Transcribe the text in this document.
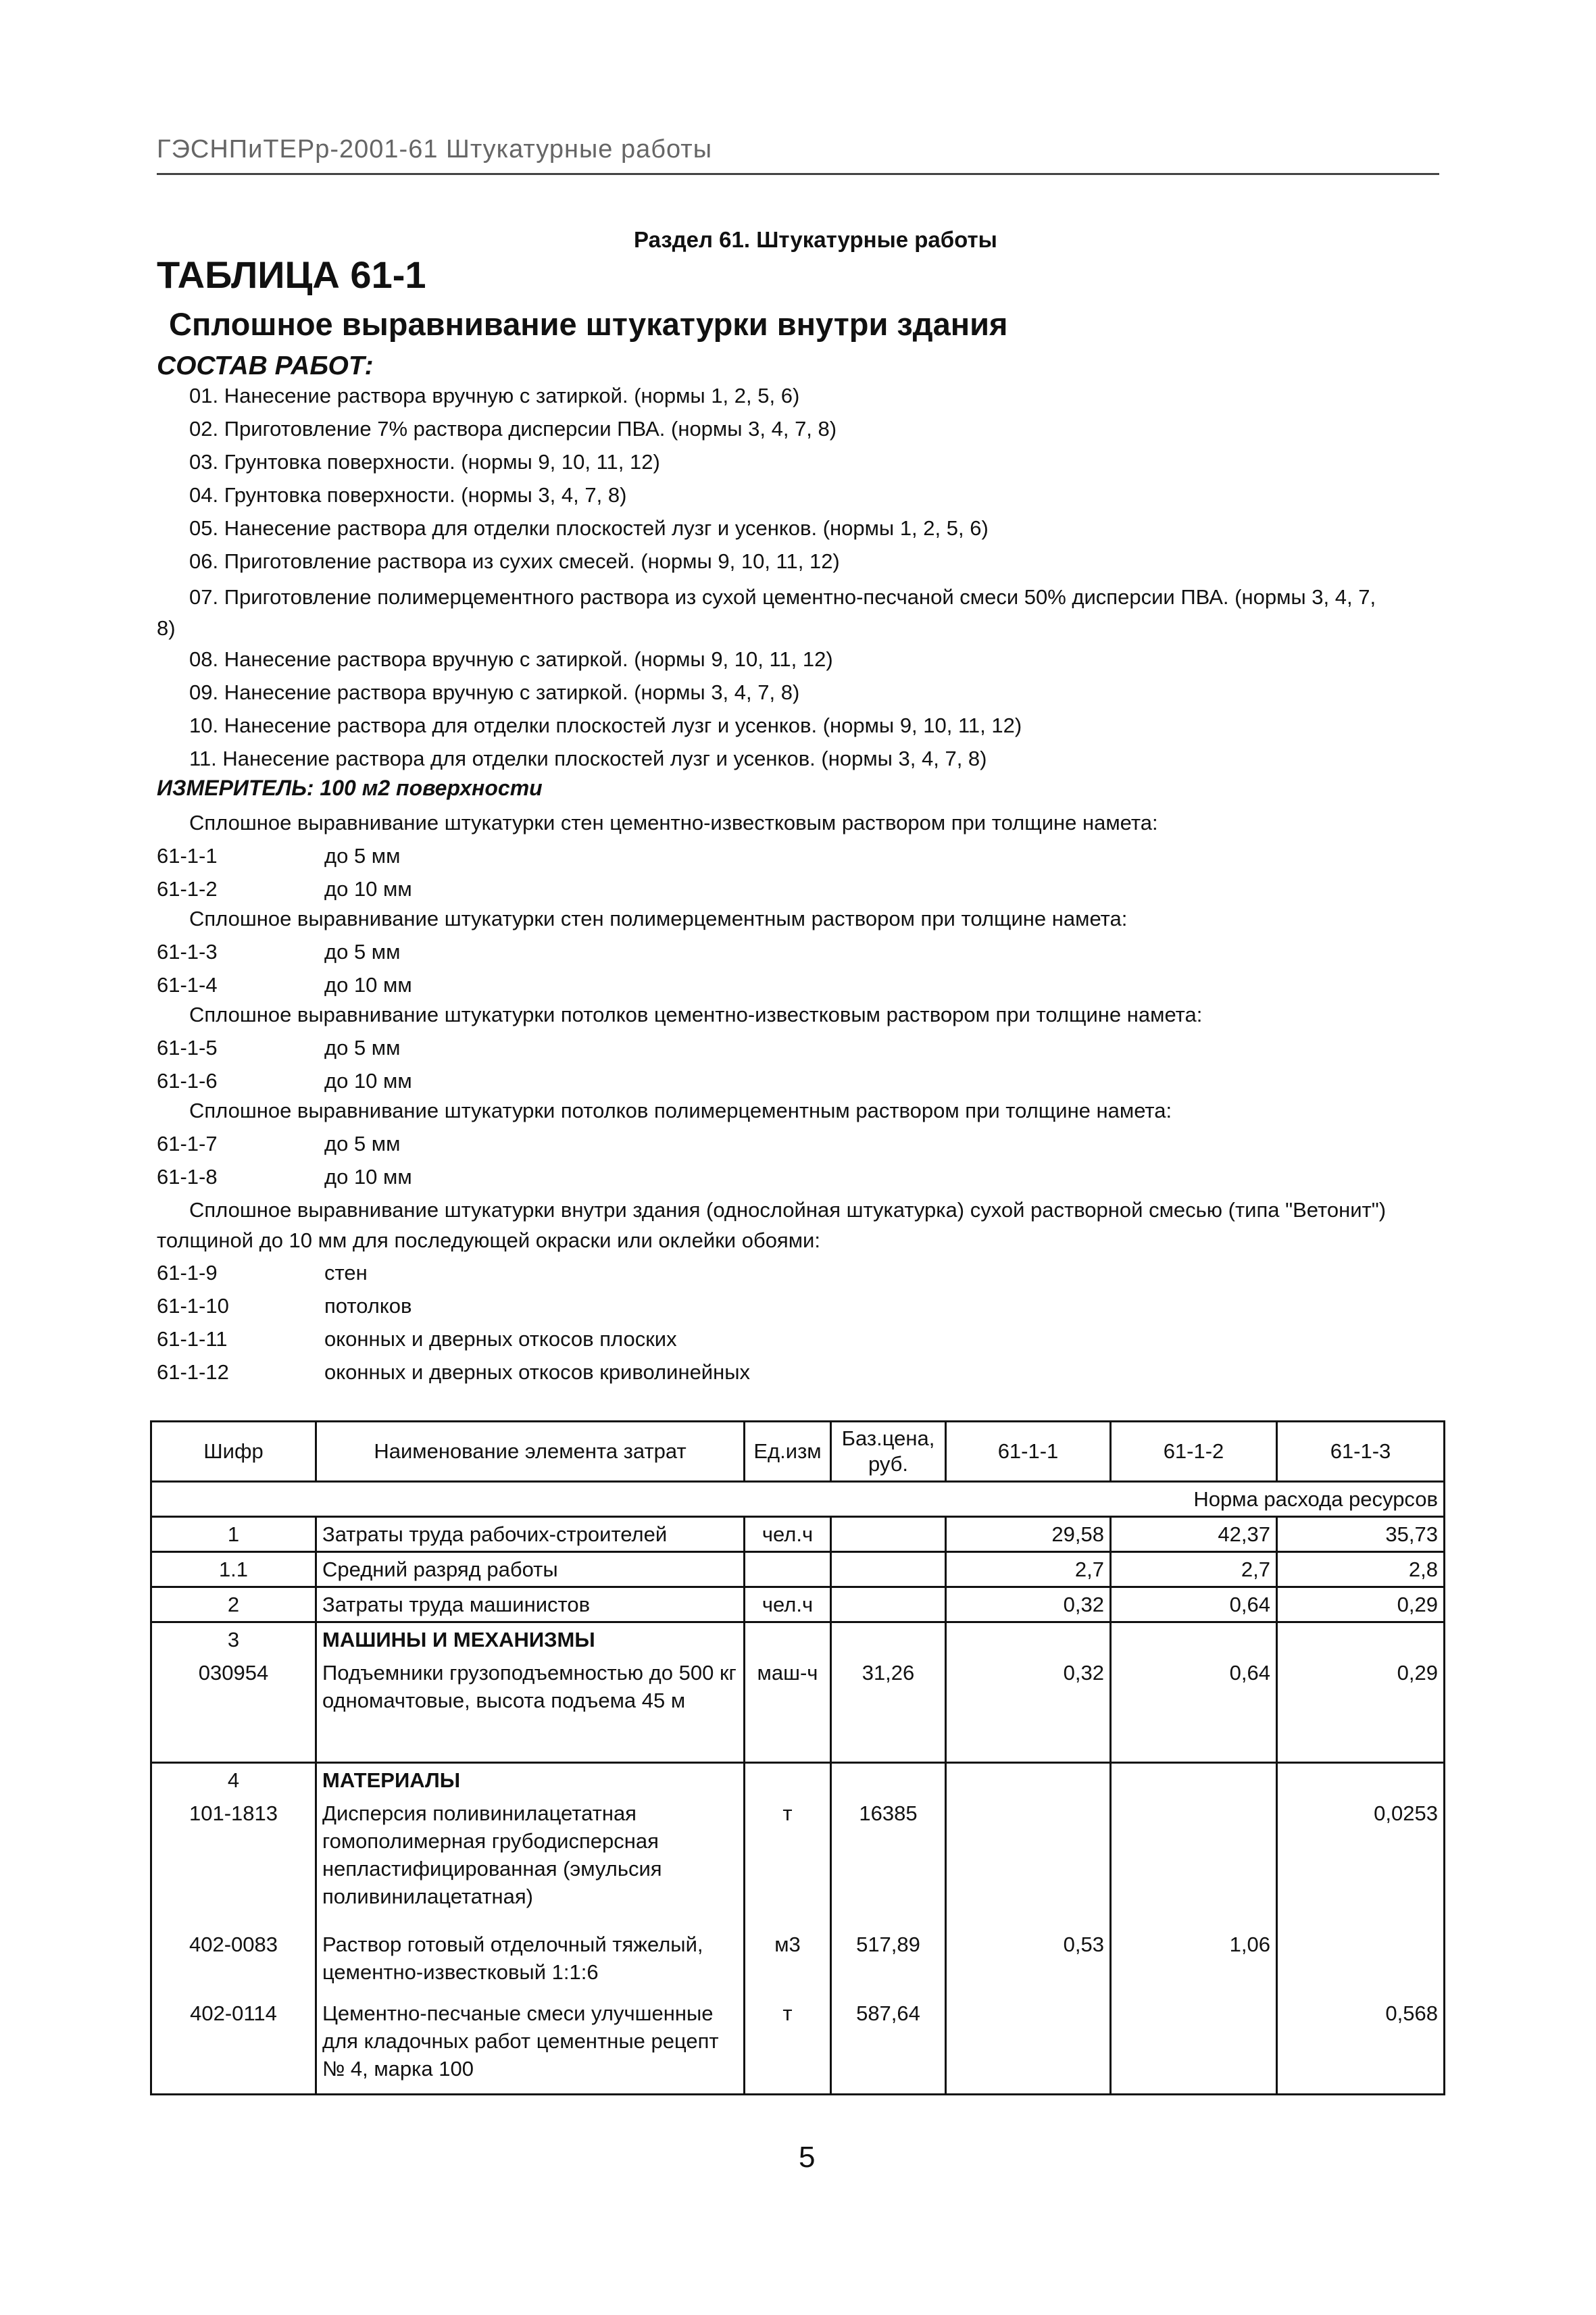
ГЭСНПиТЕРр-2001-61 Штукатурные работы
Раздел 61. Штукатурные работы
ТАБЛИЦА 61-1
Сплошное выравнивание штукатурки внутри здания
СОСТАВ РАБОТ:
01. Нанесение раствора вручную с затиркой. (нормы 1, 2, 5, 6)
02. Приготовление 7% раствора дисперсии ПВА. (нормы 3, 4, 7, 8)
03. Грунтовка поверхности. (нормы 9, 10, 11, 12)
04. Грунтовка поверхности. (нормы 3, 4, 7, 8)
05. Нанесение раствора для отделки плоскостей лузг и усенков. (нормы 1, 2, 5, 6)
06. Приготовление раствора из сухих смесей. (нормы 9, 10, 11, 12)
07. Приготовление полимерцементного раствора из сухой цементно-песчаной смеси 50% дисперсии ПВА. (нормы 3, 4, 7,
8)
08. Нанесение раствора вручную с затиркой. (нормы 9, 10, 11, 12)
09. Нанесение раствора вручную с затиркой. (нормы 3, 4, 7, 8)
10. Нанесение раствора для отделки плоскостей лузг и усенков. (нормы 9, 10, 11, 12)
11. Нанесение раствора для отделки плоскостей лузг и усенков. (нормы 3, 4, 7, 8)
ИЗМЕРИТЕЛЬ: 100 м2 поверхности
Сплошное выравнивание штукатурки стен цементно-известковым раствором при толщине намета:
61-1-1	до 5 мм
61-1-2	до 10 мм
Сплошное выравнивание штукатурки стен полимерцементным раствором при толщине намета:
61-1-3	до 5 мм
61-1-4	до 10 мм
Сплошное выравнивание штукатурки потолков цементно-известковым раствором при толщине намета:
61-1-5	до 5 мм
61-1-6	до 10 мм
Сплошное выравнивание штукатурки потолков полимерцементным раствором при толщине намета:
61-1-7	до 5 мм
61-1-8	до 10 мм
Сплошное выравнивание штукатурки внутри здания (однослойная штукатурка) сухой растворной смесью (типа "Ветонит")
толщиной до 10 мм для последующей окраски или оклейки обоями:
61-1-9	стен
61-1-10	потолков
61-1-11	оконных и дверных откосов плоских
61-1-12	оконных и дверных откосов криволинейных
Шифр	Наименование элемента затрат	Ед.изм	Баз.цена, руб.	61-1-1	61-1-2	61-1-3
Норма расхода ресурсов						
1	Затраты труда рабочих-строителей	чел.ч		29,58	42,37	35,73
1.1	Средний разряд работы			2,7	2,7	2,8
2	Затраты труда машинистов	чел.ч		0,32	0,64	0,29
3	МАШИНЫ И МЕХАНИЗМЫ					
030954	Подъемники грузоподъемностью до 500 кг одномачтовые, высота подъема 45 м	маш-ч	31,26	0,32	0,64	0,29

4	МАТЕРИАЛЫ					
101-1813	Дисперсия поливинилацетатная гомополимерная грубодисперсная непластифицированная (эмульсия поливинилацетатная)	т	16385			0,0253
402-0083	Раствор готовый отделочный тяжелый, цементно-известковый 1:1:6	м3	517,89	0,53	1,06	
402-0114	Цементно-песчаные смеси улучшенные для кладочных работ цементные рецепт № 4, марка 100	т	587,64			0,568
5
